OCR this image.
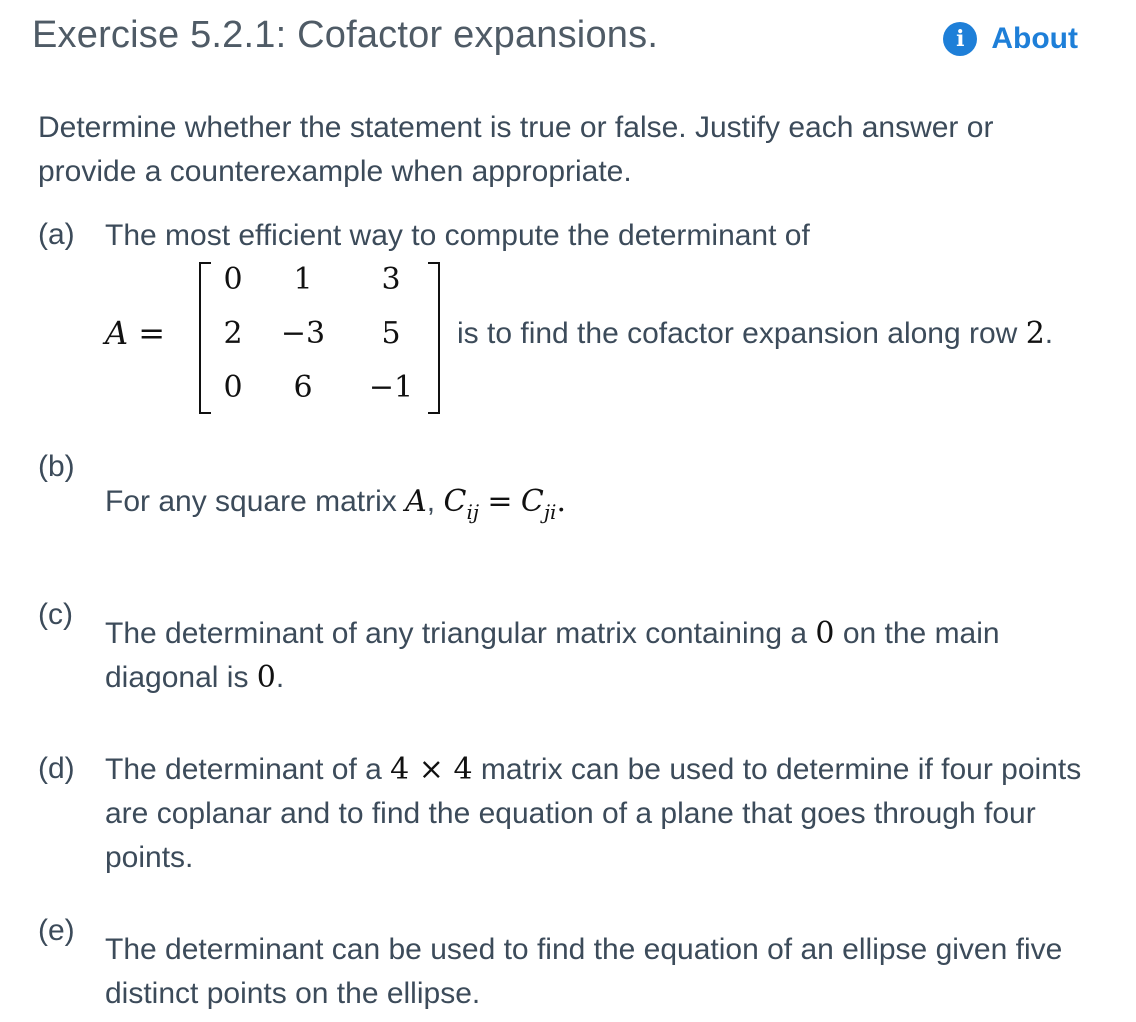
Exercise 5.2.1: Cofactor expansions.	i About
Determine whether the statement is true or false. Justify each answer or provide a counterexample when appropriate.
(a) The most efficient way to compute the determinant of
A =
0	1	3
2	−3	5
0	6	−1
is to find the cofactor expansion along row 2.
(b)
For any square matrix A, $C_{ij} = C_{ji}$.
(c)
The determinant of any triangular matrix containing a 0 on the main diagonal is 0.
(d) The determinant of a 4 × 4 matrix can be used to determine if four points are coplanar and to find the equation of a plane that goes through four points.
(e)
The determinant can be used to find the equation of an ellipse given five distinct points on the ellipse.
